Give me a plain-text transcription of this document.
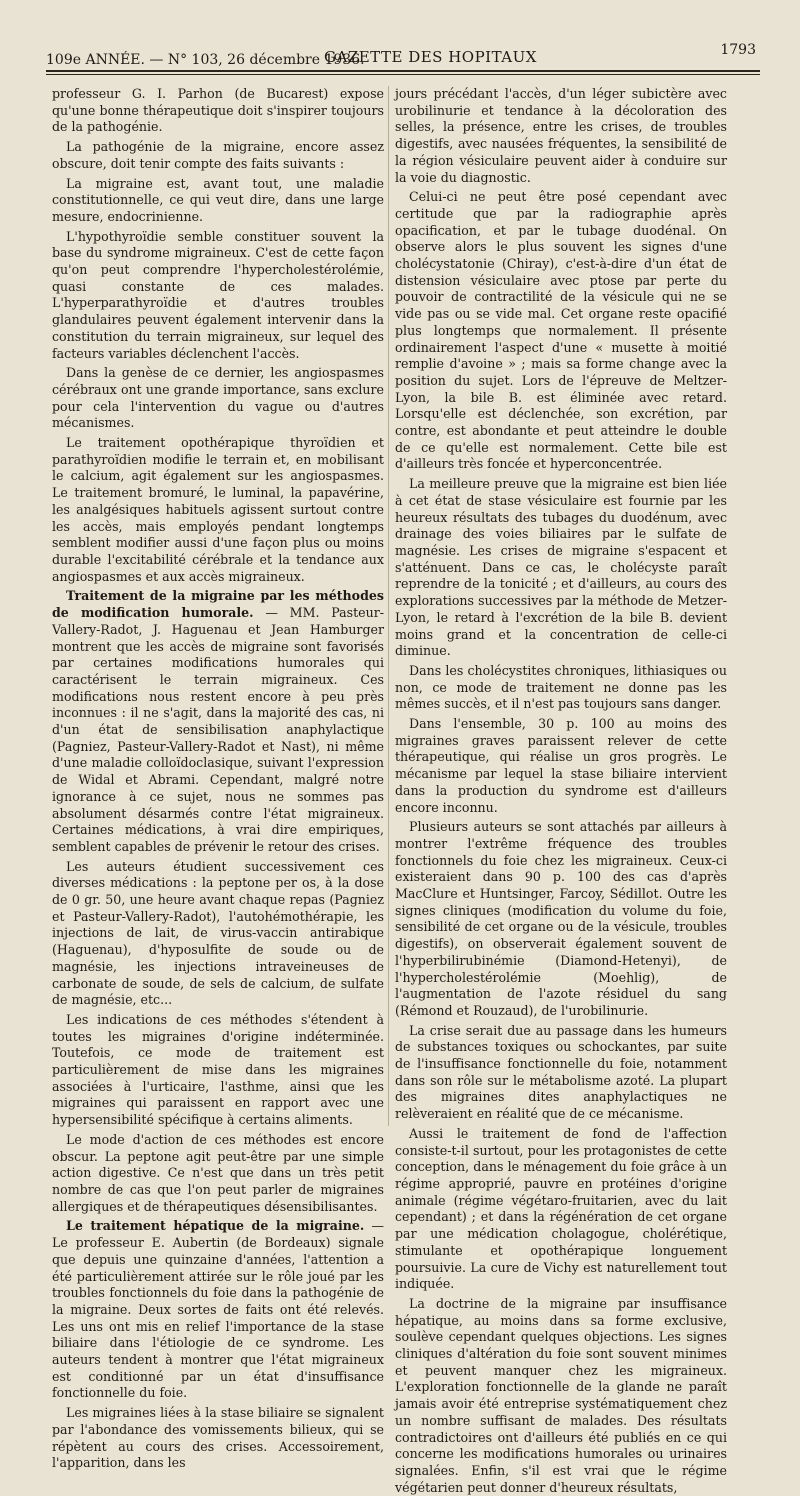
109e ANNÉE. — N° 103, 26 décembre 1936.
GAZETTE DES HOPITAUX	1793

professeur G. I. Parhon (de Bucarest) expose qu'une bonne thérapeutique doit s'inspirer toujours de la pathogénie.

La pathogénie de la migraine, encore assez obscure, doit tenir compte des faits suivants :

La migraine est, avant tout, une maladie constitutionnelle, ce qui veut dire, dans une large mesure, endocrinienne.

L'hypothyroïdie semble constituer souvent la base du syndrome migraineux. C'est de cette façon qu'on peut comprendre l'hypercholestérolémie, quasi constante de ces malades. L'hyperparathyroïdie et d'autres troubles glandulaires peuvent également intervenir dans la constitution du terrain migraineux, sur lequel des facteurs variables déclenchent l'accès.

Dans la genèse de ce dernier, les angiospasmes cérébraux ont une grande importance, sans exclure pour cela l'intervention du vague ou d'autres mécanismes.

Le traitement opothérapique thyroïdien et parathyroïdien modifie le terrain et, en mobilisant le calcium, agit également sur les angiospasmes. Le traitement bromuré, le luminal, la papavérine, les analgésiques habituels agissent surtout contre les accès, mais employés pendant longtemps semblent modifier aussi d'une façon plus ou moins durable l'excitabilité cérébrale et la tendance aux angiospasmes et aux accès migraineux.

Traitement de la migraine par les méthodes de modification humorale. — MM. Pasteur-Vallery-Radot, J. Haguenau et Jean Hamburger montrent que les accès de migraine sont favorisés par certaines modifications humorales qui caractérisent le terrain migraineux. Ces modifications nous restent encore à peu près inconnues : il ne s'agit, dans la majorité des cas, ni d'un état de sensibilisation anaphylactique (Pagniez, Pasteur-Vallery-Radot et Nast), ni même d'une maladie colloïdoclasique, suivant l'expression de Widal et Abrami. Cependant, malgré notre ignorance à ce sujet, nous ne sommes pas absolument désarmés contre l'état migraineux. Certaines médications, à vrai dire empiriques, semblent capables de prévenir le retour des crises.

Les auteurs étudient successivement ces diverses médications : la peptone per os, à la dose de 0 gr. 50, une heure avant chaque repas (Pagniez et Pasteur-Vallery-Radot), l'autohémothérapie, les injections de lait, de virus-vaccin antirabique (Haguenau), d'hyposulfite de soude ou de magnésie, les injections intraveineuses de carbonate de soude, de sels de calcium, de sulfate de magnésie, etc...

Les indications de ces méthodes s'étendent à toutes les migraines d'origine indéterminée. Toutefois, ce mode de traitement est particulièrement de mise dans les migraines associées à l'urticaire, l'asthme, ainsi que les migraines qui paraissent en rapport avec une hypersensibilité spécifique à certains aliments.

Le mode d'action de ces méthodes est encore obscur. La peptone agit peut-être par une simple action digestive. Ce n'est que dans un très petit nombre de cas que l'on peut parler de migraines allergiques et de thérapeutiques désensibilisantes.

Le traitement hépatique de la migraine. — Le professeur E. Aubertin (de Bordeaux) signale que depuis une quinzaine d'années, l'attention a été particulièrement attirée sur le rôle joué par les troubles fonctionnels du foie dans la pathogénie de la migraine. Deux sortes de faits ont été relevés. Les uns ont mis en relief l'importance de la stase biliaire dans l'étiologie de ce syndrome. Les auteurs tendent à montrer que l'état migraineux est conditionné par un état d'insuffisance fonctionnelle du foie.

Les migraines liées à la stase biliaire se signalent par l'abondance des vomissements bilieux, qui se répètent au cours des crises. Accessoirement, l'apparition, dans les

jours précédant l'accès, d'un léger subictère avec urobilinurie et tendance à la décoloration des selles, la présence, entre les crises, de troubles digestifs, avec nausées fréquentes, la sensibilité de la région vésiculaire peuvent aider à conduire sur la voie du diagnostic.

Celui-ci ne peut être posé cependant avec certitude que par la radiographie après opacification, et par le tubage duodénal. On observe alors le plus souvent les signes d'une cholécystatonie (Chiray), c'est-à-dire d'un état de distension vésiculaire avec ptose par perte du pouvoir de contractilité de la vésicule qui ne se vide pas ou se vide mal. Cet organe reste opacifié plus longtemps que normalement. Il présente ordinairement l'aspect d'une « musette à moitié remplie d'avoine » ; mais sa forme change avec la position du sujet. Lors de l'épreuve de Meltzer-Lyon, la bile B. est éliminée avec retard. Lorsqu'elle est déclenchée, son excrétion, par contre, est abondante et peut atteindre le double de ce qu'elle est normalement. Cette bile est d'ailleurs très foncée et hyperconcentrée.

La meilleure preuve que la migraine est bien liée à cet état de stase vésiculaire est fournie par les heureux résultats des tubages du duodénum, avec drainage des voies biliaires par le sulfate de magnésie. Les crises de migraine s'espacent et s'atténuent. Dans ce cas, le cholécyste paraît reprendre de la tonicité ; et d'ailleurs, au cours des explorations successives par la méthode de Metzer-Lyon, le retard à l'excrétion de la bile B. devient moins grand et la concentration de celle-ci diminue.

Dans les cholécystites chroniques, lithiasiques ou non, ce mode de traitement ne donne pas les mêmes succès, et il n'est pas toujours sans danger.

Dans l'ensemble, 30 p. 100 au moins des migraines graves paraissent relever de cette thérapeutique, qui réalise un gros progrès. Le mécanisme par lequel la stase biliaire intervient dans la production du syndrome est d'ailleurs encore inconnu.

Plusieurs auteurs se sont attachés par ailleurs à montrer l'extrême fréquence des troubles fonctionnels du foie chez les migraineux. Ceux-ci existeraient dans 90 p. 100 des cas d'après MacClure et Huntsinger, Farcoy, Sédillot. Outre les signes cliniques (modification du volume du foie, sensibilité de cet organe ou de la vésicule, troubles digestifs), on observerait également souvent de l'hyperbilirubinémie (Diamond-Hetenyi), de l'hypercholestérolémie (Moehlig), de l'augmentation de l'azote résiduel du sang (Rémond et Rouzaud), de l'urobilinurie.

La crise serait due au passage dans les humeurs de substances toxiques ou schockantes, par suite de l'insuffisance fonctionnelle du foie, notamment dans son rôle sur le métabolisme azoté. La plupart des migraines dites anaphylactiques ne relèveraient en réalité que de ce mécanisme.

Aussi le traitement de fond de l'affection consiste-t-il surtout, pour les protagonistes de cette conception, dans le ménagement du foie grâce à un régime approprié, pauvre en protéines d'origine animale (régime végétaro-fruitarien, avec du lait cependant) ; et dans la régénération de cet organe par une médication cholagogue, cholérétique, stimulante et opothérapique longuement poursuivie. La cure de Vichy est naturellement tout indiquée.

La doctrine de la migraine par insuffisance hépatique, au moins dans sa forme exclusive, soulève cependant quelques objections. Les signes cliniques d'altération du foie sont souvent minimes et peuvent manquer chez les migraineux. L'exploration fonctionnelle de la glande ne paraît jamais avoir été entreprise systématiquement chez un nombre suffisant de malades. Des résultats contradictoires ont d'ailleurs été publiés en ce qui concerne les modifications humorales ou urinaires signalées. Enfin, s'il est vrai que le régime végétarien peut donner d'heureux résultats,
